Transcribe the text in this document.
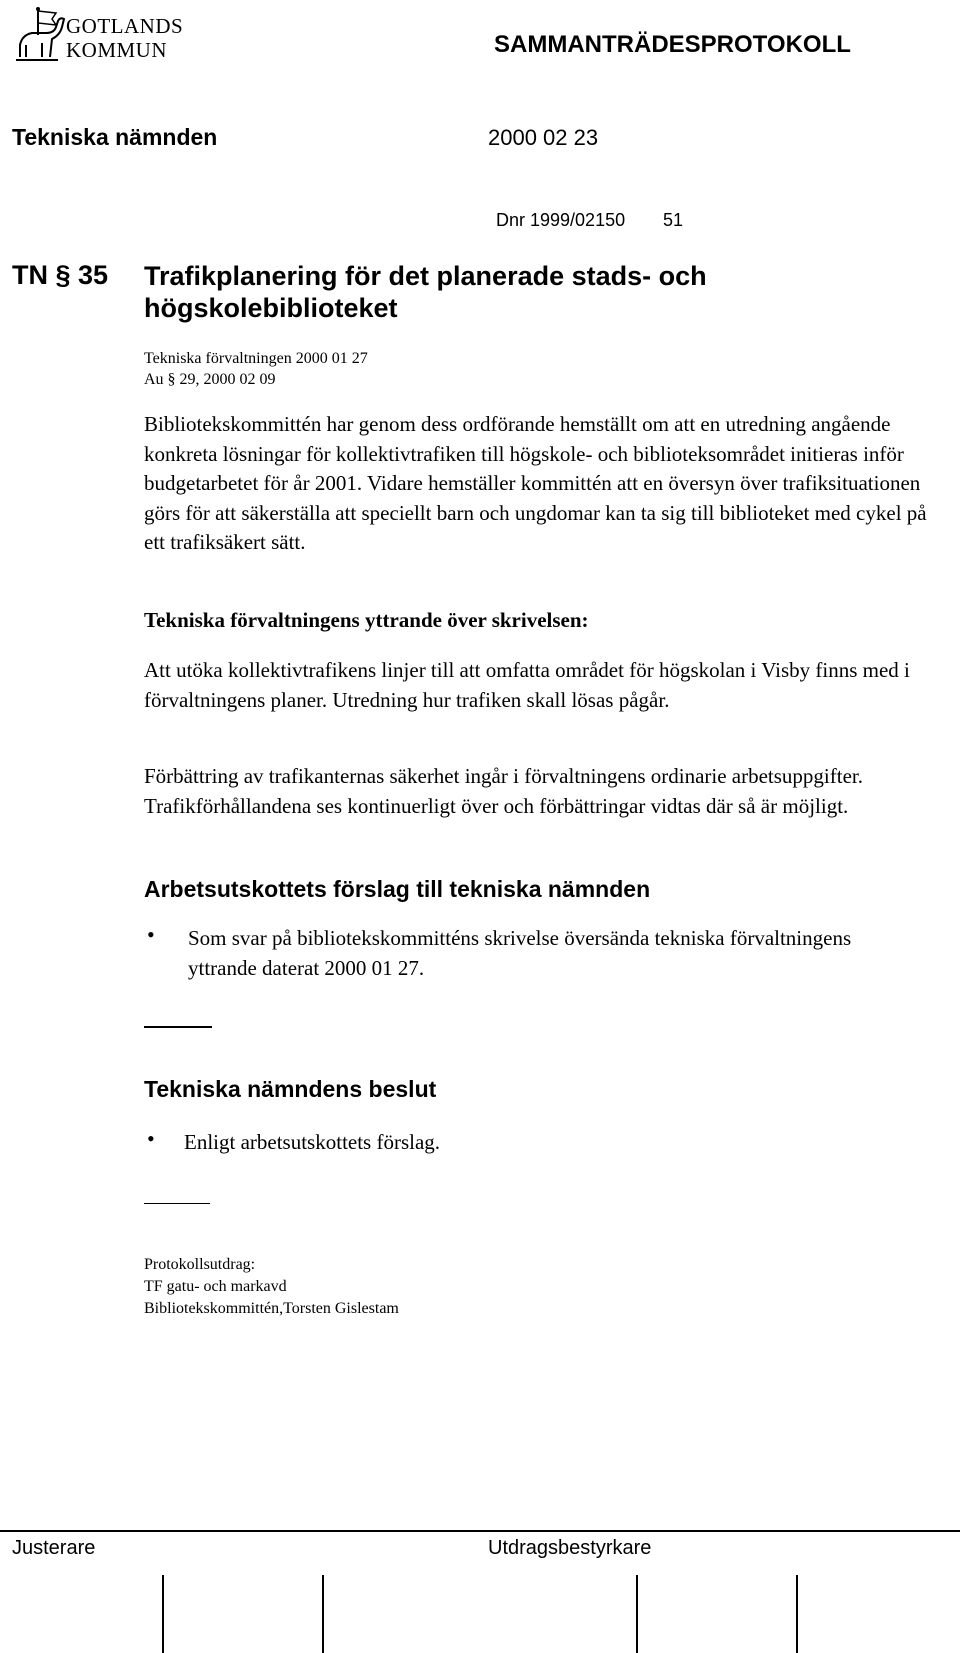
GOTLANDS
KOMMUN	SAMMANTRÄDESPROTOKOLL
Tekniska nämnden	2000 02 23
Dnr 1999/02150 51
TN § 35 Trafikplanering för det planerade stads- och högskolebiblioteket
Tekniska förvaltningen 2000 01 27
Au § 29, 2000 02 09

Bibliotekskommittén har genom dess ordförande hemställt om att en utredning angående konkreta lösningar för kollektivtrafiken till högskole- och biblioteksområdet initieras inför budgetarbetet för år 2001. Vidare hemställer kommittén att en översyn över trafiksituationen görs för att säkerställa att speciellt barn och ungdomar kan ta sig till biblioteket med cykel på ett trafiksäkert sätt.

Tekniska förvaltningens yttrande över skrivelsen:

Att utöka kollektivtrafikens linjer till att omfatta området för högskolan i Visby finns med i förvaltningens planer. Utredning hur trafiken skall lösas pågår.

Förbättring av trafikanternas säkerhet ingår i förvaltningens ordinarie arbetsuppgifter. Trafikförhållandena ses kontinuerligt över och förbättringar vidtas där så är möjligt.

Arbetsutskottets förslag till tekniska nämnden
• Som svar på bibliotekskommitténs skrivelse översända tekniska förvaltningens yttrande daterat 2000 01 27.
Tekniska nämndens beslut
• Enligt arbetsutskottets förslag.
Protokollsutdrag:
TF gatu- och markavd
Bibliotekskommittén,Torsten Gislestam
Justerare	Utdragsbestyrkare
